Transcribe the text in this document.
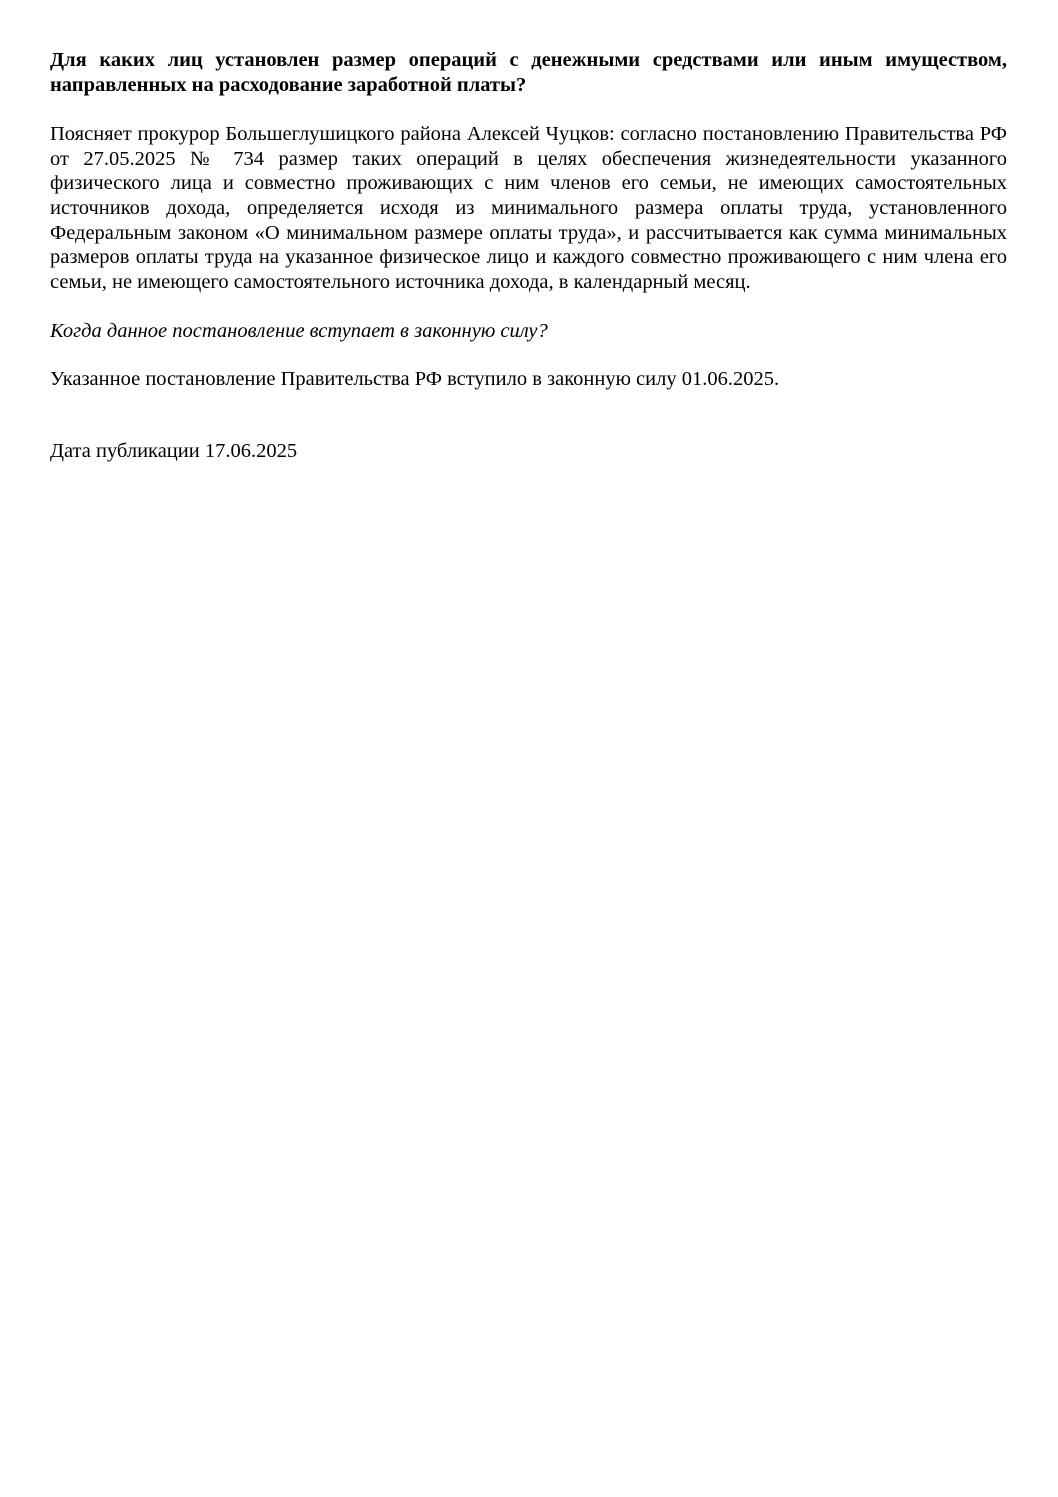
Для каких лиц установлен размер операций с денежными средствами или иным имуществом, направленных на расходование заработной платы?

Поясняет прокурор Большеглушицкого района Алексей Чуцков: согласно постановлению Правительства РФ от 27.05.2025 № 734 размер таких операций в целях обеспечения жизнедеятельности указанного физического лица и совместно проживающих с ним членов его семьи, не имеющих самостоятельных источников дохода, определяется исходя из минимального размера оплаты труда, установленного Федеральным законом «О минимальном размере оплаты труда», и рассчитывается как сумма минимальных размеров оплаты труда на указанное физическое лицо и каждого совместно проживающего с ним члена его семьи, не имеющего самостоятельного источника дохода, в календарный месяц.

Когда данное постановление вступает в законную силу?

Указанное постановление Правительства РФ вступило в законную силу 01.06.2025.

Дата публикации 17.06.2025
